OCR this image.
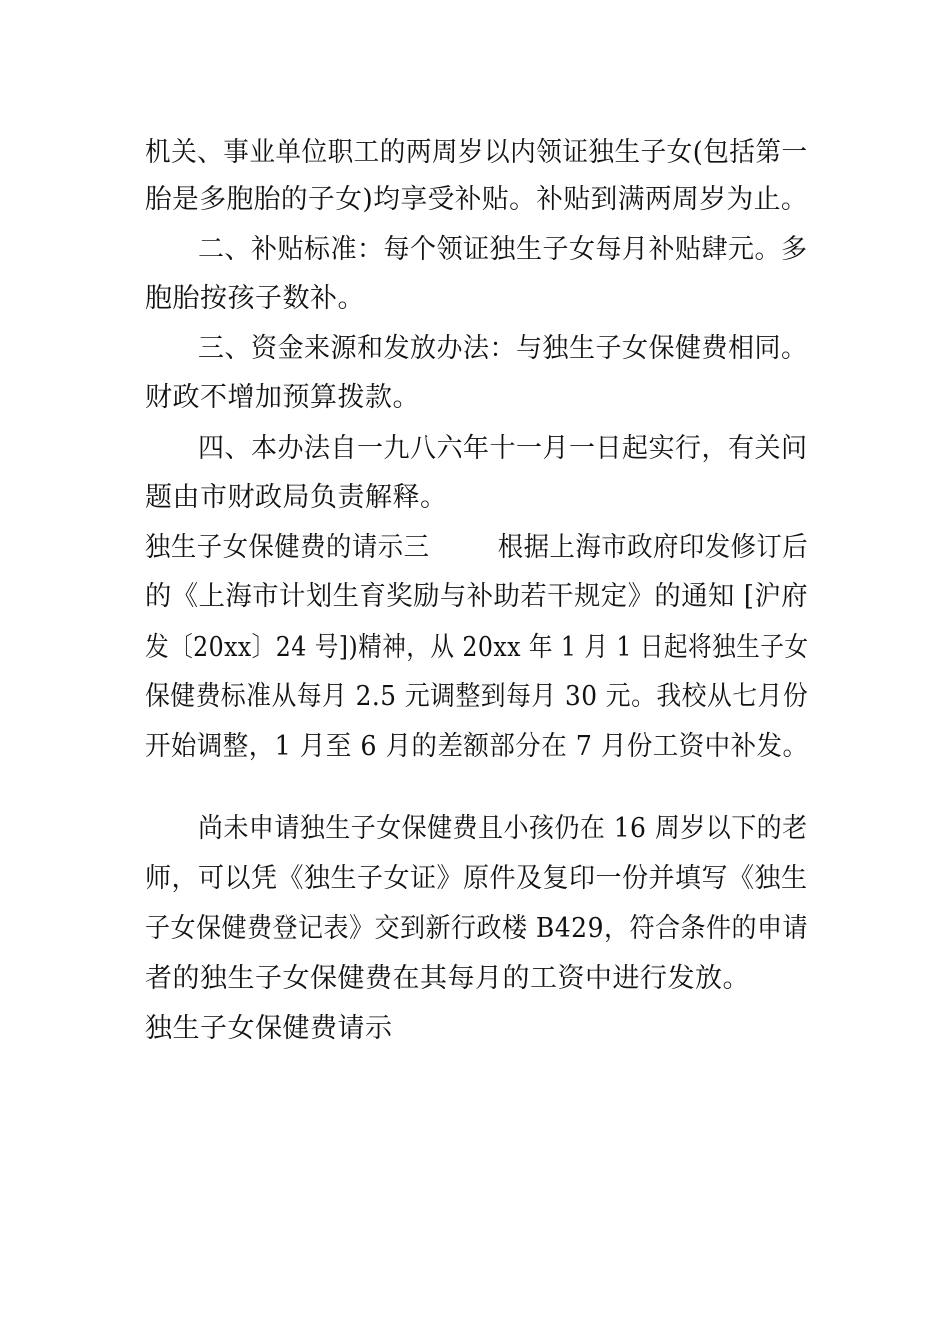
机关、事业单位职工的两周岁以内领证独生子女(包括第一
胎是多胞胎的子女)均享受补贴。补贴到满两周岁为止。
二、补贴标准：每个领证独生子女每月补贴肆元。多
胞胎按孩子数补。
三、资金来源和发放办法：与独生子女保健费相同。
财政不增加预算拨款。
四、本办法自一九八六年十一月一日起实行，有关问
题由市财政局负责解释。
独生子女保健费的请示三        根据上海市政府印发修订后
的《上海市计划生育奖励与补助若干规定》的通知 [沪府
发〔20xx〕24 号])精神，从 20xx 年 1 月 1 日起将独生子女
保健费标准从每月 2.5 元调整到每月 30 元。我校从七月份
开始调整，1 月至 6 月的差额部分在 7 月份工资中补发。
尚未申请独生子女保健费且小孩仍在 16 周岁以下的老
师，可以凭《独生子女证》原件及复印一份并填写《独生
子女保健费登记表》交到新行政楼 B429，符合条件的申请
者的独生子女保健费在其每月的工资中进行发放。
独生子女保健费请示
